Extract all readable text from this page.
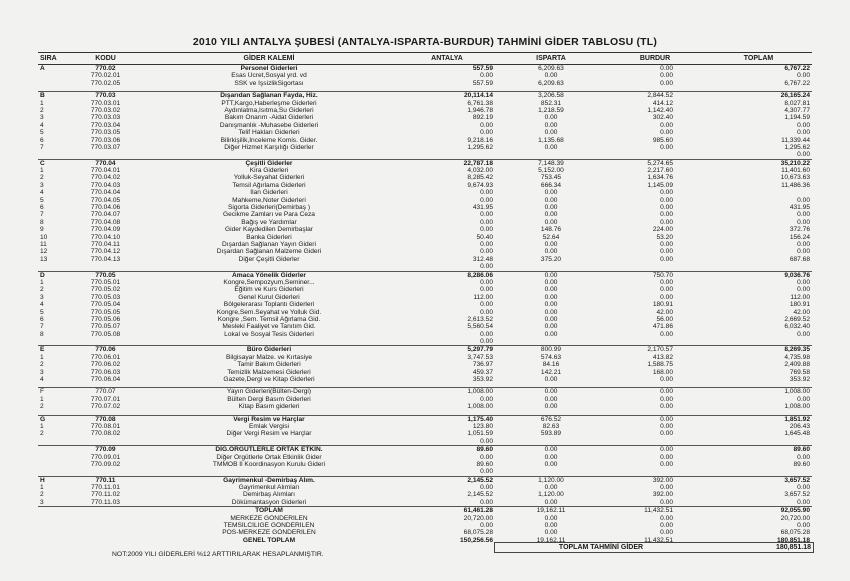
2010 YILI ANTALYA ŞUBESİ (ANTALYA-ISPARTA-BURDUR) TAHMİNİ GİDER TABLOSU (TL)
SIRA	KODU	GİDER KALEMİ	ANTALYA	ISPARTA	BURDUR	TOPLAM
A	770.02	Personel Giderleri	557.59	6,209.63	0.00	6,767.22
770.02.01	Esas Ücret,Sosyal yrd. vd	0.00	0.00	0.00	0.00
770.02.05	SSK ve İşsizlikSigortası	557.59	6,209.63	0.00	6,767.22
B	770.03	Dışarıdan Sağlanan Fayda, Hiz.	20,114.14	3,206.58	2,844.52	26,165.24
1	770.03.01	PTT,Kargo,Haberleşme Giderleri	6,761.38	852.31	414.12	8,027.81
2	770.03.02	Aydınlatma,Isıtma,Su Giderleri	1,946.78	1,218.59	1,142.40	4,307.77
3	770.03.03	Bakım Onarım -Aidat Giderleri	892.19	0.00	302.40	1,194.59
4	770.03.04	Danışmanlık -Muhasebe Giderleri	0.00	0.00	0.00	0.00
5	770.03.05	Telif Hakları Giderleri	0.00	0.00	0.00	0.00
6	770.03.06	Bilirkişilik,İnceleme Komis. Gider.	9,218.16	1,135.68	985.60	11,339.44
7	770.03.07	Diğer Hizmet Karşılığı Giderler	1,295.62	0.00	0.00	1,295.62
0.00
C	770.04	Çeşitli Giderler	22,787.18	7,148.39	5,274.65	35,210.22
1	770.04.01	Kira Giderleri	4,032.00	5,152.00	2,217.60	11,401.60
2	770.04.02	Yolluk-Seyahat Giderleri	8,285.42	753.45	1,634.76	10,673.63
3	770.04.03	Temsil Ağırlama Giderleri	9,674.93	666.34	1,145.09	11,486.36
4	770.04.04	İlan Giderleri	0.00	0.00	0.00
5	770.04.05	Mahkeme,Noter Giderleri	0.00	0.00	0.00	0.00
6	770.04.06	Sigorta Giderleri(Demirbaş )	431.95	0.00	0.00	431.95
7	770.04.07	Gecikme Zamları ve Para Ceza	0.00	0.00	0.00	0.00
8	770.04.08	Bağış ve Yardımlar	0.00	0.00	0.00	0.00
9	770.04.09	Gider Kaydedilen Demirbaşlar	0.00	148.76	224.00	372.76
10	770.04.10	Banka Giderleri	50.40	52.64	53.20	156.24
11	770.04.11	Dışardan Sağlanan Yayın Gideri	0.00	0.00	0.00	0.00
12	770.04.12	Dışardan Sağlanan Malzeme Gideri	0.00	0.00	0.00	0.00
13	770.04.13	Diğer Çeşitli Giderler	312.48	375.20	0.00	687.68
0.00
D	770.05	Amaca Yönelik Giderler	8,286.06	0.00	750.70	9,036.76
1	770.05.01	Kongre,Sempozyum,Seminer...	0.00	0.00	0.00	0.00
2	770.05.02	Eğitim ve Kurs Giderleri	0.00	0.00	0.00	0.00
3	770.05.03	Genel Kurul Giderleri	112.00	0.00	0.00	112.00
4	770.05.04	Bölgelerarası Toplantı Giderleri	0.00	0.00	180.91	180.91
5	770.05.05	Kongre,Sem.Seyahat ve Yolluk Gid.	0.00	0.00	42.00	42.00
6	770.05.06	Kongre ,Sem. Temsil Ağırlama Gid.	2,613.52	0.00	56.00	2,669.52
7	770.05.07	Mesleki Faaliyet ve Tanıtım Gid.	5,560.54	0.00	471.86	6,032.40
8	770.05.08	Lokal ve Sosyal Tesis Giderleri	0.00	0.00	0.00	0.00
0.00
E	770.06	Büro Giderleri	5,297.79	800.99	2,170.57	8,269.35
1	770.06.01	Bilgisayar Malze. ve Kırtasiye	3,747.53	574.63	413.82	4,735.98
2	770.06.02	Tamir Bakım Giderleri	736.97	84.16	1,588.75	2,409.88
3	770.06.03	Temizlik Malzemesi Giderleri	459.37	142.21	168.00	769.58
4	770.06.04	Gazete,Dergi ve Kitap Giderleri	353.92	0.00	0.00	353.92
F	770.07	Yayın Giderleri(Bülten-Dergi)	1,008.00	0.00	0.00	1,008.00
1	770.07.01	Bülten Dergi Basım Giderleri	0.00	0.00	0.00	0.00
2	770.07.02	Kitap Basım giderleri	1,008.00	0.00	0.00	1,008.00
G	770.08	Vergi Resim ve Harçlar	1,175.40	676.52	0.00	1,851.92
1	770.08.01	Emlak Vergisi	123.80	82.63	0.00	206.43
2	770.08.02	Diğer Vergi Resim ve Harçlar	1,051.59	593.89	0.00	1,645.48
0.00
770.09	DİĞ.ÖRGÜTLERLE ORTAK ETKİN.	89.60	0.00	0.00	89.60
770.09.01	Diğer Örgütlerle Ortak Etkinlik Gider	0.00	0.00	0.00	0.00
770.09.02	TMMOB İl Koordinasyon Kurulu Gideri	89.60	0.00	0.00	89.60
0.00
H	770.11	Gayrimenkul -Demirbaş Alım.	2,145.52	1,120.00	392.00	3,657.52
1	770.11.01	Gayrimenkul Alımları	0.00	0.00	0.00	0.00
2	770.11.02	Demirbaş Alımları	2,145.52	1,120.00	392.00	3,657.52
3	770.11.03	Dökümantasyon Giderleri	0.00	0.00	0.00	0.00
TOPLAM	61,461.28	19,162.11	11,432.51	92,055.90
MERKEZE GÖNDERİLEN	20,720.00	0.00	0.00	20,720.00
TEMSİLCİLİĞE GÖNDERİLEN	0.00	0.00	0.00	0.00
POS-MERKEZE GÖNDERİLEN	68,075.28	0.00	0.00	68,075.28
GENEL TOPLAM	150,256.56	19,162.11	11,432.51	180,851.18
TOPLAM TAHMİNİ GİDER	180,851.18
NOT:2009 YILI GİDERLERİ %12 ARTTIRILARAK HESAPLANMIŞTIR.
